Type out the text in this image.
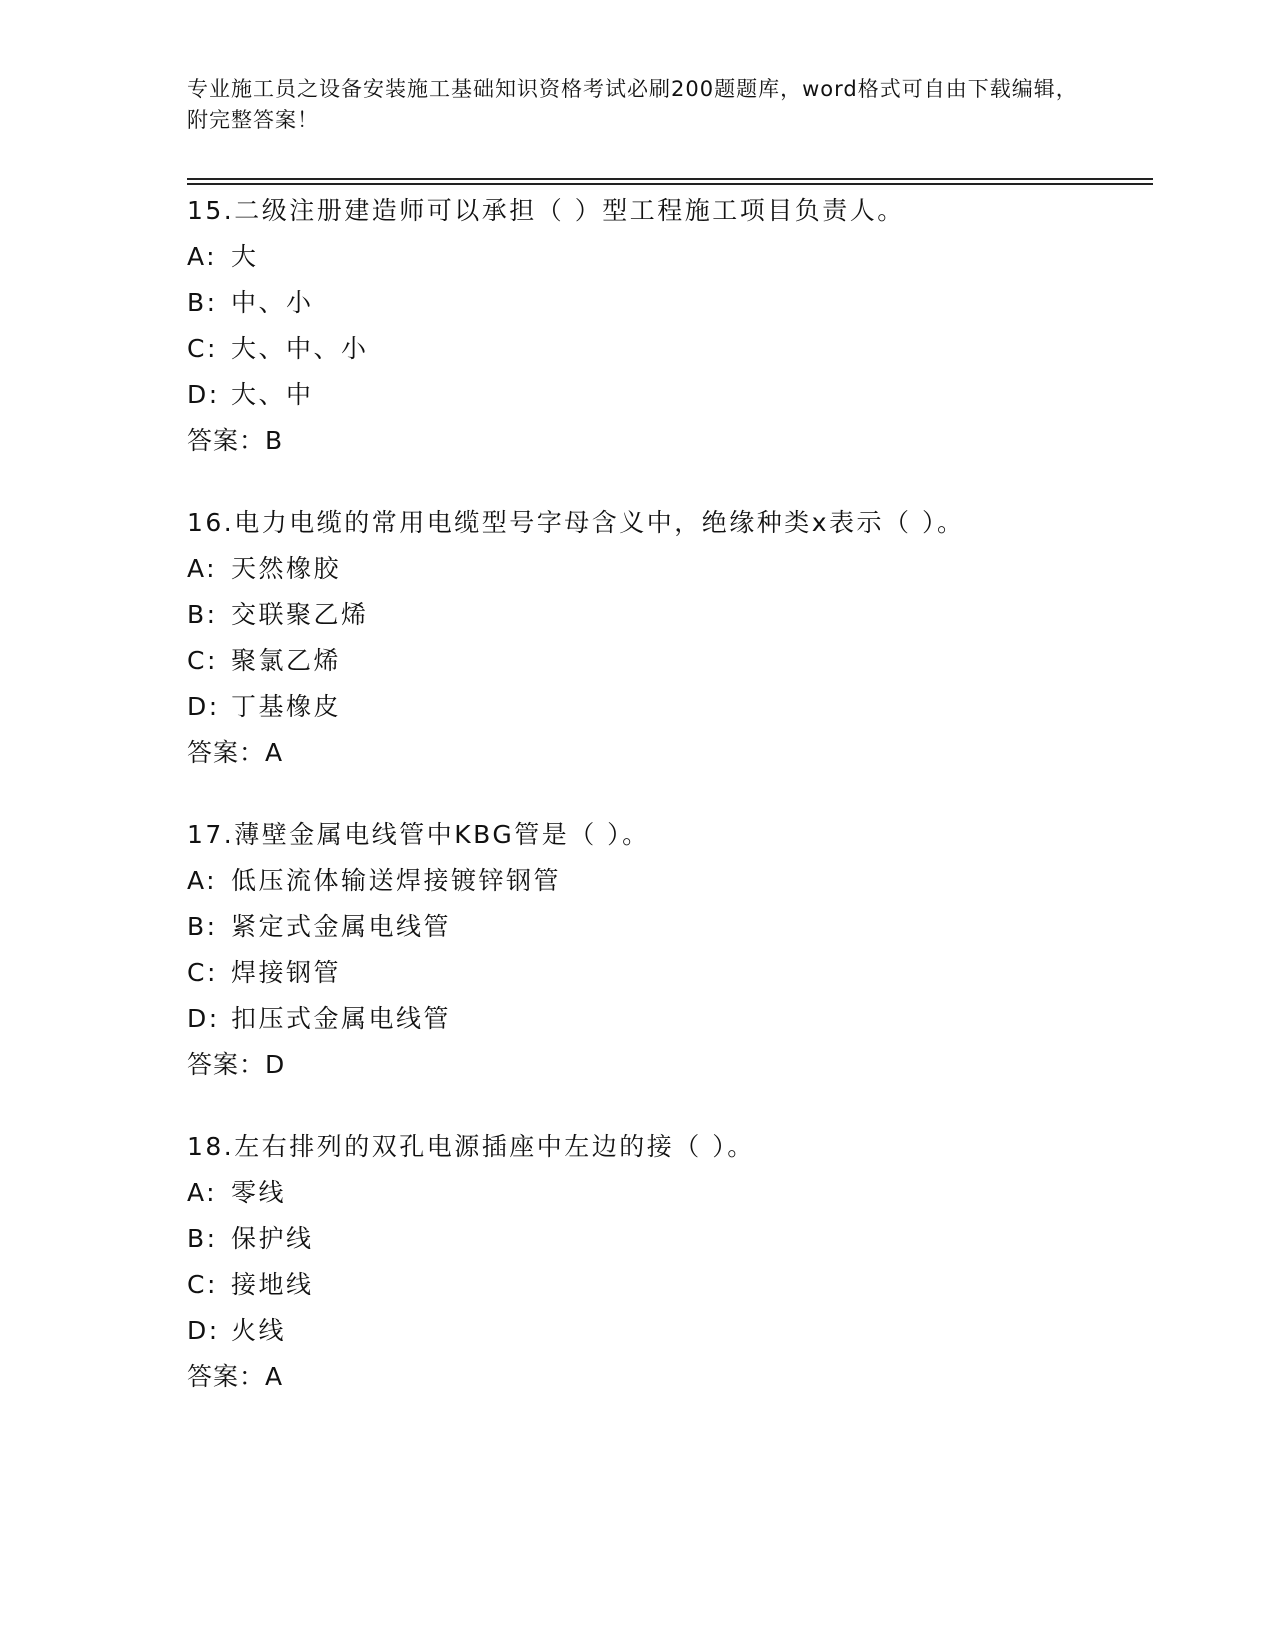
专业施工员之设备安装施工基础知识资格考试必刷200题题库，word格式可自由下载编辑，附完整答案！
15.二级注册建造师可以承担（ ）型工程施工项目负责人。
A: 大
B: 中、小
C: 大、中、小
D: 大、中
答案：B
16.电力电缆的常用电缆型号字母含义中，绝缘种类x表示（ ）。
A: 天然橡胶
B: 交联聚乙烯
C: 聚氯乙烯
D: 丁基橡皮
答案：A
17.薄壁金属电线管中KBG管是（ ）。
A: 低压流体输送焊接镀锌钢管
B: 紧定式金属电线管
C: 焊接钢管
D: 扣压式金属电线管
答案：D
18.左右排列的双孔电源插座中左边的接（ ）。
A: 零线
B: 保护线
C: 接地线
D: 火线
答案：A
